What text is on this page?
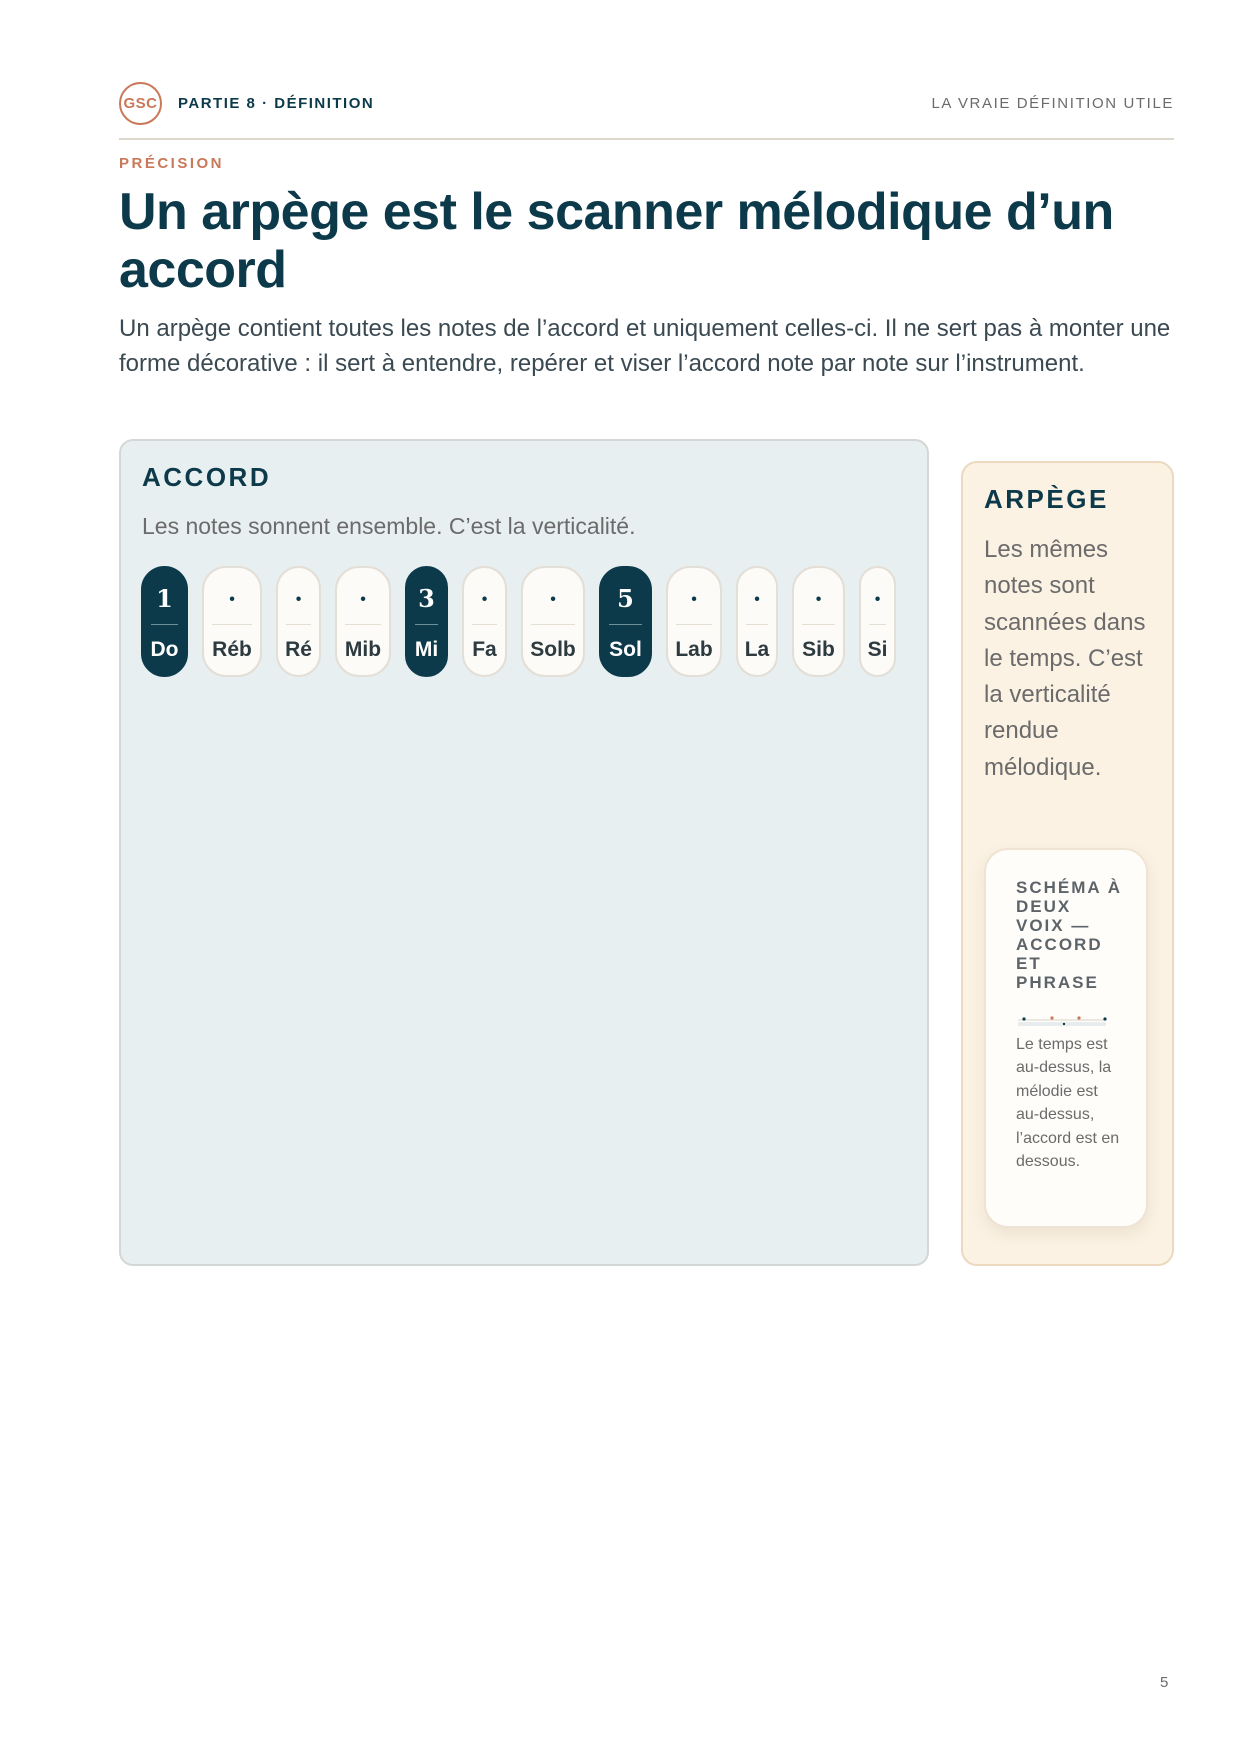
GSC	PARTIE 8 · DÉFINITION	LA VRAIE DÉFINITION UTILE
PRÉCISION
Un arpège est le scanner mélodique d’un accord

Un arpège contient toutes les notes de l’accord et uniquement celles-ci. Il ne sert pas à monter une forme décorative : il sert à entendre, repérer et viser l’accord note par note sur l’instrument.

ACCORD
Les notes sonnent ensemble. C’est la verticalité.
1
Do
·
Réb
·
Ré
·
Mib
3
Mi
·
Fa
·
Solb
5
Sol
·
Lab
·
La
·
Sib
·
Si
ARPÈGE
Les mêmes notes sont scannées dans le temps. C’est la verticalité rendue mélodique.
SCHÉMA À DEUX VOIX — ACCORD ET PHRASE
Le temps est au-dessus, la mélodie est au-dessus, l’accord est en dessous.
5
